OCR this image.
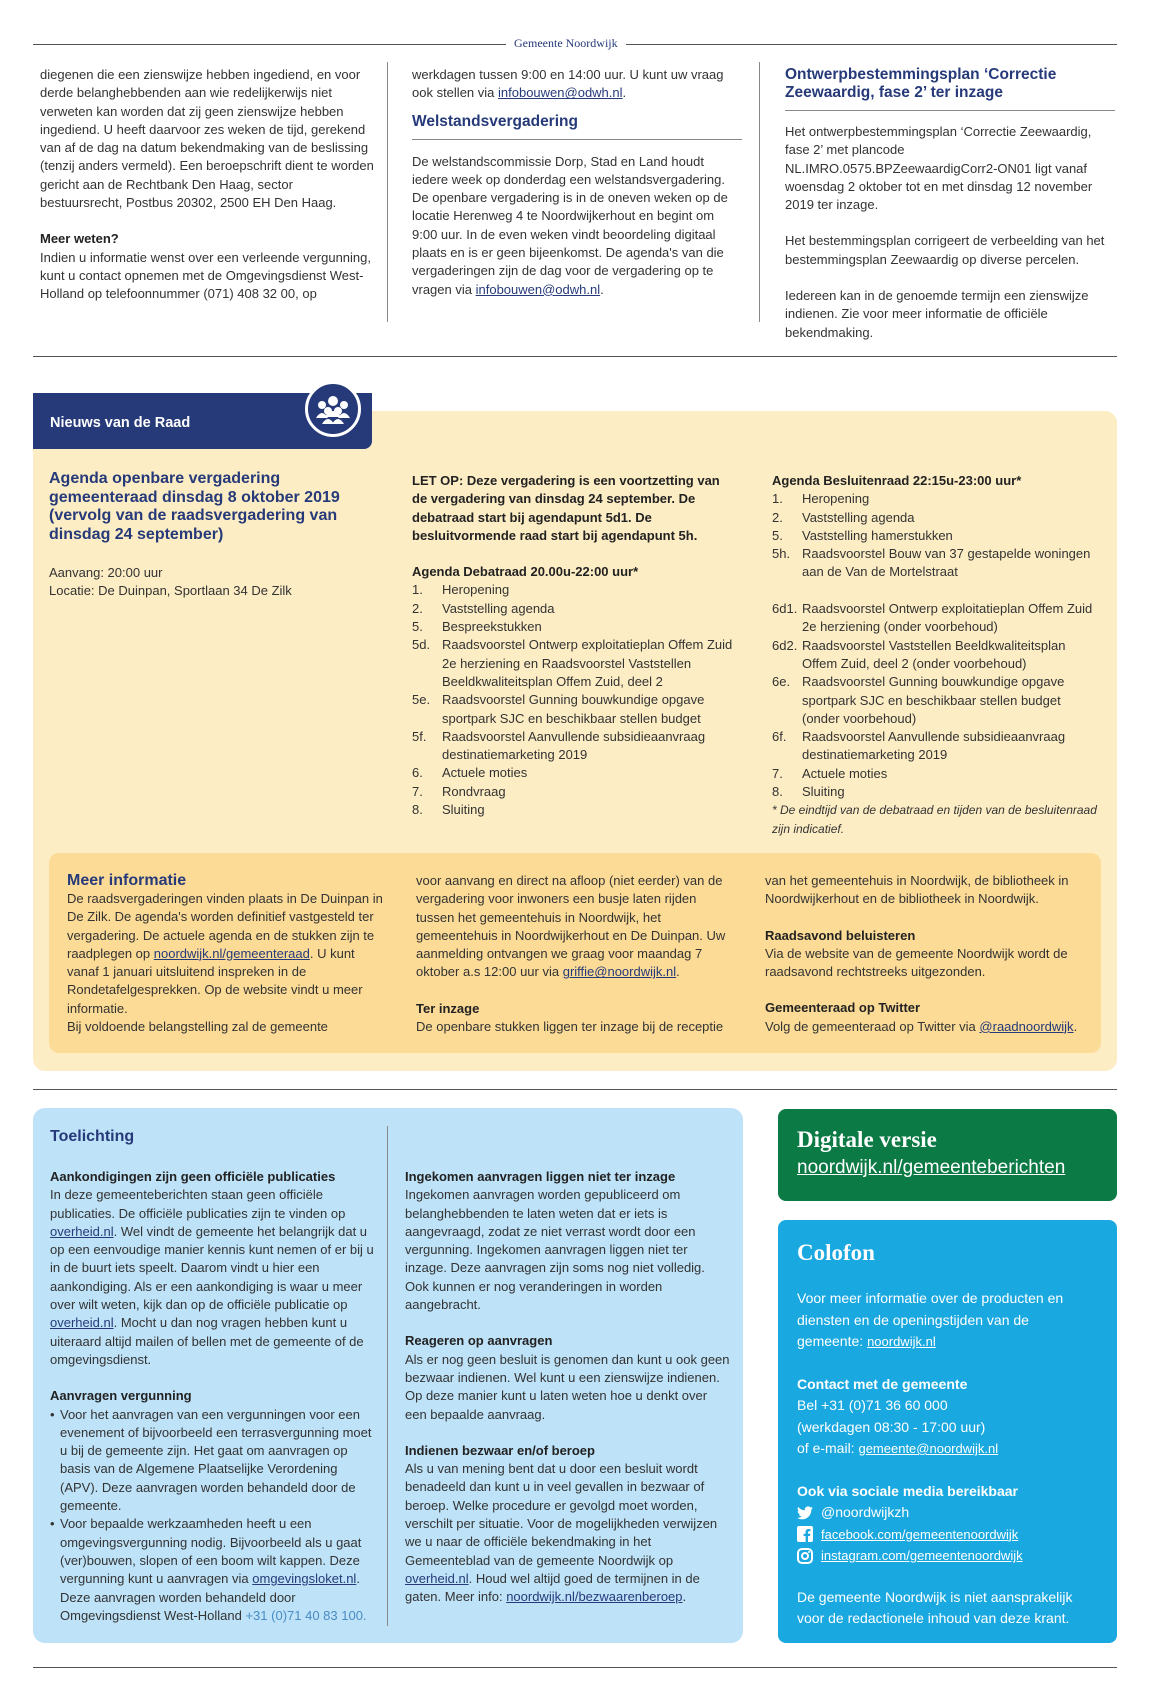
Gemeente Noordwijk

diegenen die een zienswijze hebben ingediend, en voor derde belanghebbenden aan wie redelijkerwijs niet verweten kan worden dat zij geen zienswijze hebben ingediend. U heeft daarvoor zes weken de tijd, gerekend van af de dag na datum bekendmaking van de beslissing (tenzij anders vermeld). Een beroepschrift dient te worden gericht aan de Rechtbank Den Haag, sector bestuursrecht, Postbus 20302, 2500 EH Den Haag.

Meer weten?

Indien u informatie wenst over een verleende vergunning, kunt u contact opnemen met de Omgevingsdienst West-Holland op telefoonnummer (071) 408 32 00, op

werkdagen tussen 9:00 en 14:00 uur. U kunt uw vraag ook stellen via infobouwen@odwh.nl.

Welstandsvergadering

De welstandscommissie Dorp, Stad en Land houdt iedere week op donderdag een welstandsvergadering. De openbare vergadering is in de oneven weken op de locatie Herenweg 4 te Noordwijkerhout en begint om 9:00 uur. In de even weken vindt beoordeling digitaal plaats en is er geen bijeenkomst. De agenda's van die vergaderingen zijn de dag voor de vergadering op te vragen via infobouwen@odwh.nl.

Ontwerpbestemmingsplan ‘Correctie Zeewaardig, fase 2’ ter inzage

Het ontwerpbestemmingsplan ‘Correctie Zeewaardig, fase 2’ met plancode NL.IMRO.0575.BPZeewaardigCorr2-ON01 ligt vanaf woensdag 2 oktober tot en met dinsdag 12 november 2019 ter inzage.

Het bestemmingsplan corrigeert de verbeelding van het bestemmingsplan Zeewaardig op diverse percelen.

Iedereen kan in de genoemde termijn een zienswijze indienen. Zie voor meer informatie de officiële bekendmaking.

Nieuws van de Raad
Agenda openbare vergadering gemeenteraad dinsdag 8 oktober 2019 (vervolg van de raadsvergadering van dinsdag 24 september)

Aanvang: 20:00 uur

Locatie: De Duinpan, Sportlaan 34 De Zilk

LET OP: Deze vergadering is een voortzetting van de vergadering van dinsdag 24 september. De debatraad start bij agendapunt 5d1. De besluitvormende raad start bij agendapunt 5h.

Agenda Debatraad 20.00u-22:00 uur*

1.	Heropening
2.	Vaststelling agenda
5.	Bespreekstukken
5d. Raadsvoorstel Ontwerp exploitatieplan Offem Zuid 2e herziening en Raadsvoorstel Vaststellen Beeldkwaliteitsplan Offem Zuid, deel 2
5e. Raadsvoorstel Gunning bouwkundige opgave sportpark SJC en beschikbaar stellen budget
5f.	Raadsvoorstel Aanvullende subsidieaanvraag destinatiemarketing 2019
6.	Actuele moties
7.	Rondvraag
8.	Sluiting

Agenda Besluitenraad 22:15u-23:00 uur*

1.	Heropening
2.	Vaststelling agenda
5.	Vaststelling hamerstukken
5h. Raadsvoorstel Bouw van 37 gestapelde woningen aan de Van de Mortelstraat
6d1. Raadsvoorstel Ontwerp exploitatieplan Offem Zuid 2e herziening (onder voorbehoud)
6d2. Raadsvoorstel Vaststellen Beeldkwaliteitsplan Offem Zuid, deel 2 (onder voorbehoud)
6e. Raadsvoorstel Gunning bouwkundige opgave sportpark SJC en beschikbaar stellen budget (onder voorbehoud)
6f.	Raadsvoorstel Aanvullende subsidieaanvraag destinatiemarketing 2019
7.	Actuele moties
8.	Sluiting

* De eindtijd van de debatraad en tijden van de besluitenraad zijn indicatief.

Meer informatie

De raadsvergaderingen vinden plaats in De Duinpan in De Zilk. De agenda's worden definitief vastgesteld ter vergadering. De actuele agenda en de stukken zijn te raadplegen op noordwijk.nl/gemeenteraad. U kunt vanaf 1 januari uitsluitend inspreken in de Rondetafelgesprekken. Op de website vindt u meer informatie.

Bij voldoende belangstelling zal de gemeente

voor aanvang en direct na afloop (niet eerder) van de vergadering voor inwoners een busje laten rijden tussen het gemeentehuis in Noordwijk, het gemeentehuis in Noordwijkerhout en De Duinpan. Uw aanmelding ontvangen we graag voor maandag 7 oktober a.s 12:00 uur via griffie@noordwijk.nl.

Ter inzage

De openbare stukken liggen ter inzage bij de receptie

van het gemeentehuis in Noordwijk, de bibliotheek in Noordwijkerhout en de bibliotheek in Noordwijk.

Raadsavond beluisteren

Via de website van de gemeente Noordwijk wordt de raadsavond rechtstreeks uitgezonden.

Gemeenteraad op Twitter

Volg de gemeenteraad op Twitter via @raadnoordwijk.

Toelichting

Aankondigingen zijn geen officiële publicaties

In deze gemeenteberichten staan geen officiële publicaties. De officiële publicaties zijn te vinden op overheid.nl. Wel vindt de gemeente het belangrijk dat u op een eenvoudige manier kennis kunt nemen of er bij u in de buurt iets speelt. Daarom vindt u hier een aankondiging. Als er een aankondiging is waar u meer over wilt weten, kijk dan op de officiële publicatie op overheid.nl. Mocht u dan nog vragen hebben kunt u uiteraard altijd mailen of bellen met de gemeente of de omgevingsdienst.

Aanvragen vergunning

• Voor het aanvragen van een vergunningen voor een evenement of bijvoorbeeld een terrasvergunning moet u bij de gemeente zijn. Het gaat om aanvragen op basis van de Algemene Plaatselijke Verordening (APV). Deze aanvragen worden behandeld door de gemeente.

• Voor bepaalde werkzaamheden heeft u een omgevingsvergunning nodig. Bijvoorbeeld als u gaat (ver)bouwen, slopen of een boom wilt kappen. Deze vergunning kunt u aanvragen via omgevingsloket.nl. Deze aanvragen worden behandeld door Omgevingsdienst West-Holland +31 (0)71 40 83 100.

Ingekomen aanvragen liggen niet ter inzage

Ingekomen aanvragen worden gepubliceerd om belanghebbenden te laten weten dat er iets is aangevraagd, zodat ze niet verrast wordt door een vergunning. Ingekomen aanvragen liggen niet ter inzage. Deze aanvragen zijn soms nog niet volledig. Ook kunnen er nog veranderingen in worden aangebracht.

Reageren op aanvragen

Als er nog geen besluit is genomen dan kunt u ook geen bezwaar indienen. Wel kunt u een zienswijze indienen. Op deze manier kunt u laten weten hoe u denkt over een bepaalde aanvraag.

Indienen bezwaar en/of beroep

Als u van mening bent dat u door een besluit wordt benadeeld dan kunt u in veel gevallen in bezwaar of beroep. Welke procedure er gevolgd moet worden, verschilt per situatie. Voor de mogelijkheden verwijzen we u naar de officiële bekendmaking in het Gemeenteblad van de gemeente Noordwijk op overheid.nl. Houd wel altijd goed de termijnen in de gaten. Meer info: noordwijk.nl/bezwaarenberoep.

Digitale versie
noordwijk.nl/gemeenteberichten
Colofon
Voor meer informatie over de producten en diensten en de openingstijden van de gemeente: noordwijk.nl
Contact met de gemeente
Bel +31 (0)71 36 60 000
(werkdagen 08:30 - 17:00 uur)
of e-mail: gemeente@noordwijk.nl
Ook via sociale media bereikbaar
@noordwijkzh
facebook.com/gemeentenoordwijk
instagram.com/gemeentenoordwijk
De gemeente Noordwijk is niet aansprakelijk voor de redactionele inhoud van deze krant.
